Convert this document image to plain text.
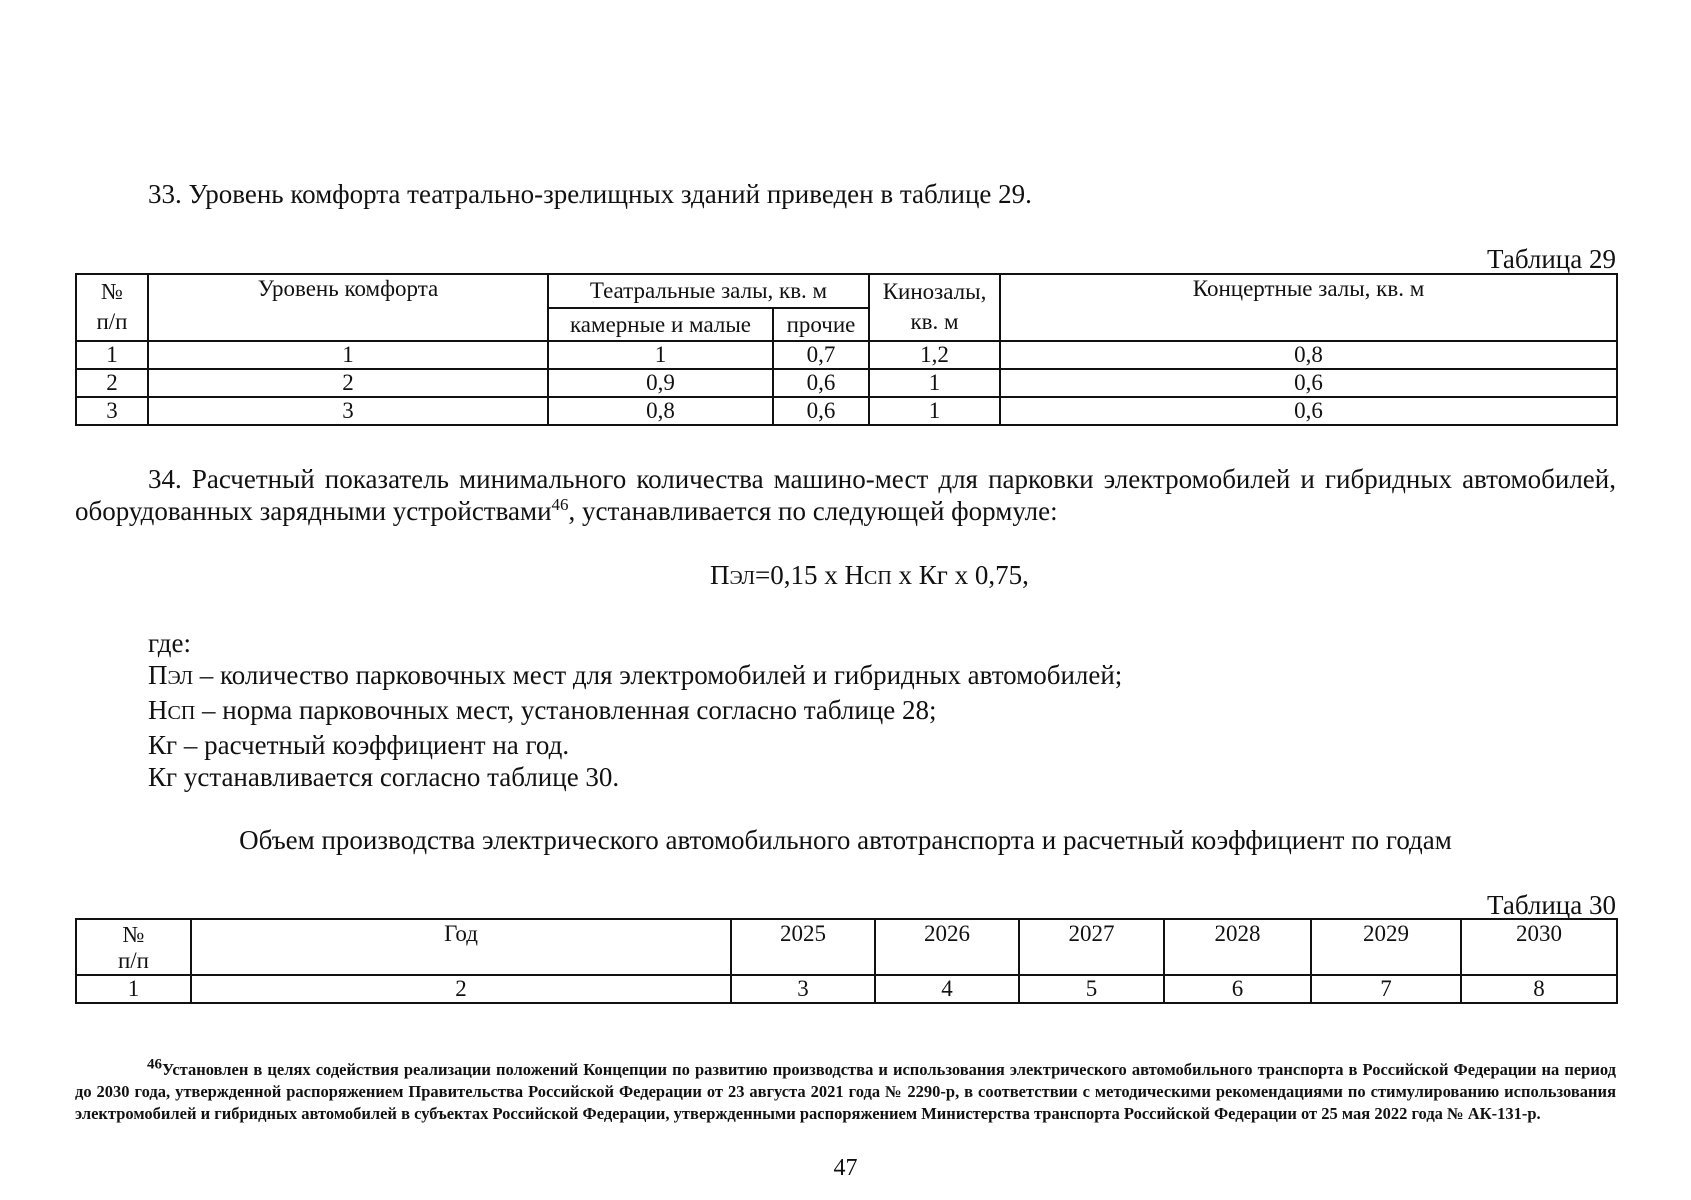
33. Уровень комфорта театрально-зрелищных зданий приведен в таблице 29.
Таблица 29
№ п/п	Уровень комфорта	Театральные залы, кв. м		Кинозалы, кв. м	Концертные залы, кв. м
		камерные и малые	прочие		
1	1	1	0,7	1,2	0,8
2	2	0,9	0,6	1	0,6
3	3	0,8	0,6	1	0,6
34. Расчетный показатель минимального количества машино-мест для парковки электромобилей и гибридных автомобилей, оборудованных зарядными устройствами$^{46}$, устанавливается по следующей формуле:
ПЭЛ=0,15 х НСП х Кг х 0,75,
где:
ПЭЛ – количество парковочных мест для электромобилей и гибридных автомобилей;
НСП – норма парковочных мест, установленная согласно таблице 28;
Кг – расчетный коэффициент на год.
Кг устанавливается согласно таблице 30.
Объем производства электрического автомобильного автотранспорта и расчетный коэффициент по годам
Таблица 30
№ п/п	Год	2025	2026	2027	2028	2029	2030
1	2	3	4	5	6	7	8
46Установлен в целях содействия реализации положений Концепции по развитию производства и использования электрического автомобильного транспорта в Российской Федерации на период до 2030 года, утвержденной распоряжением Правительства Российской Федерации от 23 августа 2021 года № 2290-р, в соответствии с методическими рекомендациями по стимулированию использования электромобилей и гибридных автомобилей в субъектах Российской Федерации, утвержденными распоряжением Министерства транспорта Российской Федерации от 25 мая 2022 года № АК-131-р.
47
